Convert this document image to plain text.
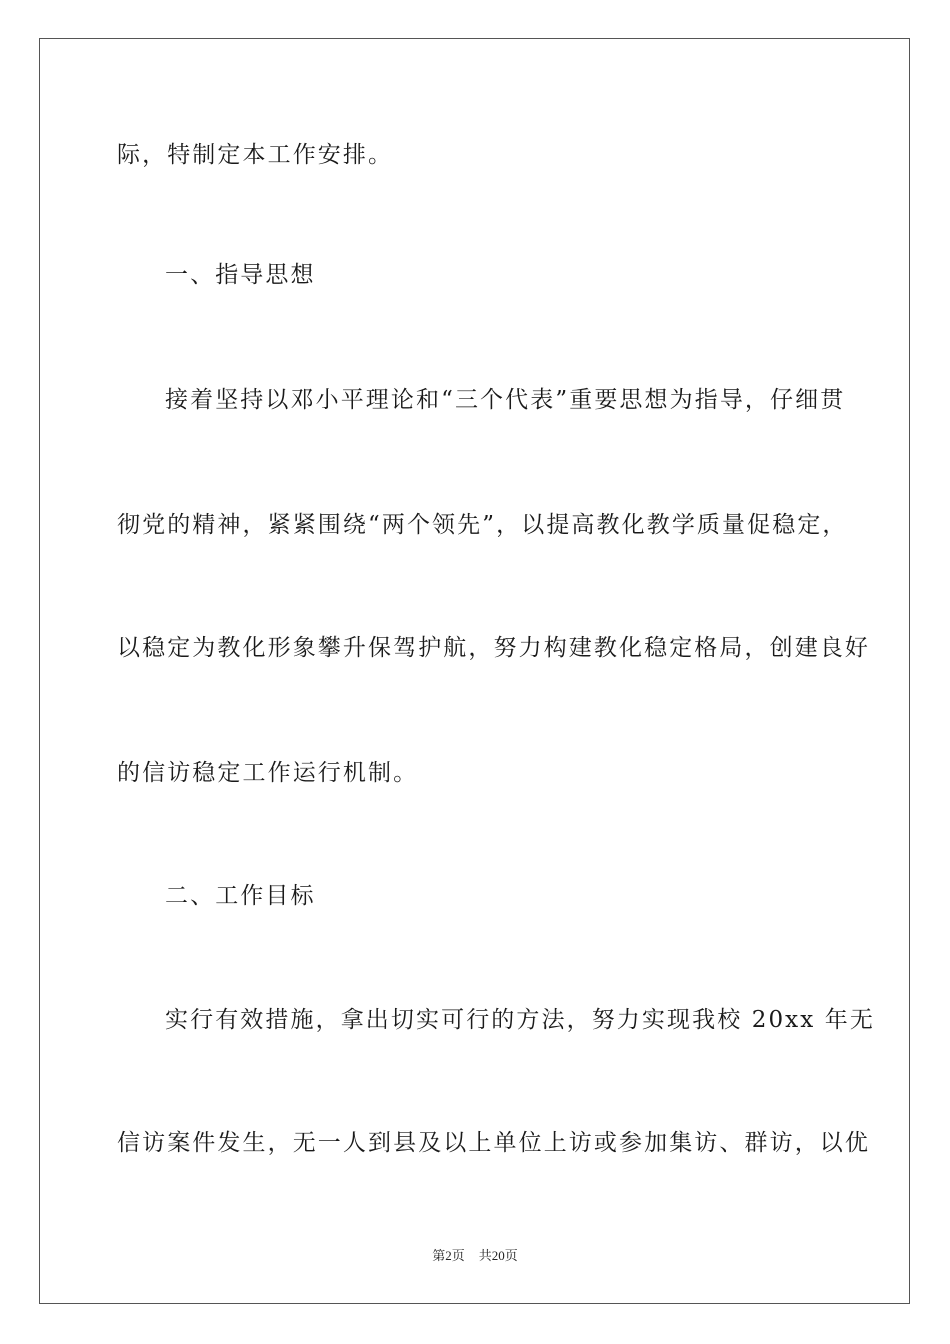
际，特制定本工作安排。
一、指导思想
接着坚持以邓小平理论和“三个代表”重要思想为指导，仔细贯
彻党的精神，紧紧围绕“两个领先”，以提高教化教学质量促稳定，
以稳定为教化形象攀升保驾护航，努力构建教化稳定格局，创建良好
的信访稳定工作运行机制。
二、工作目标
实行有效措施，拿出切实可行的方法，努力实现我校 20xx 年无
信访案件发生，无一人到县及以上单位上访或参加集访、群访，以优
第2页 共20页
